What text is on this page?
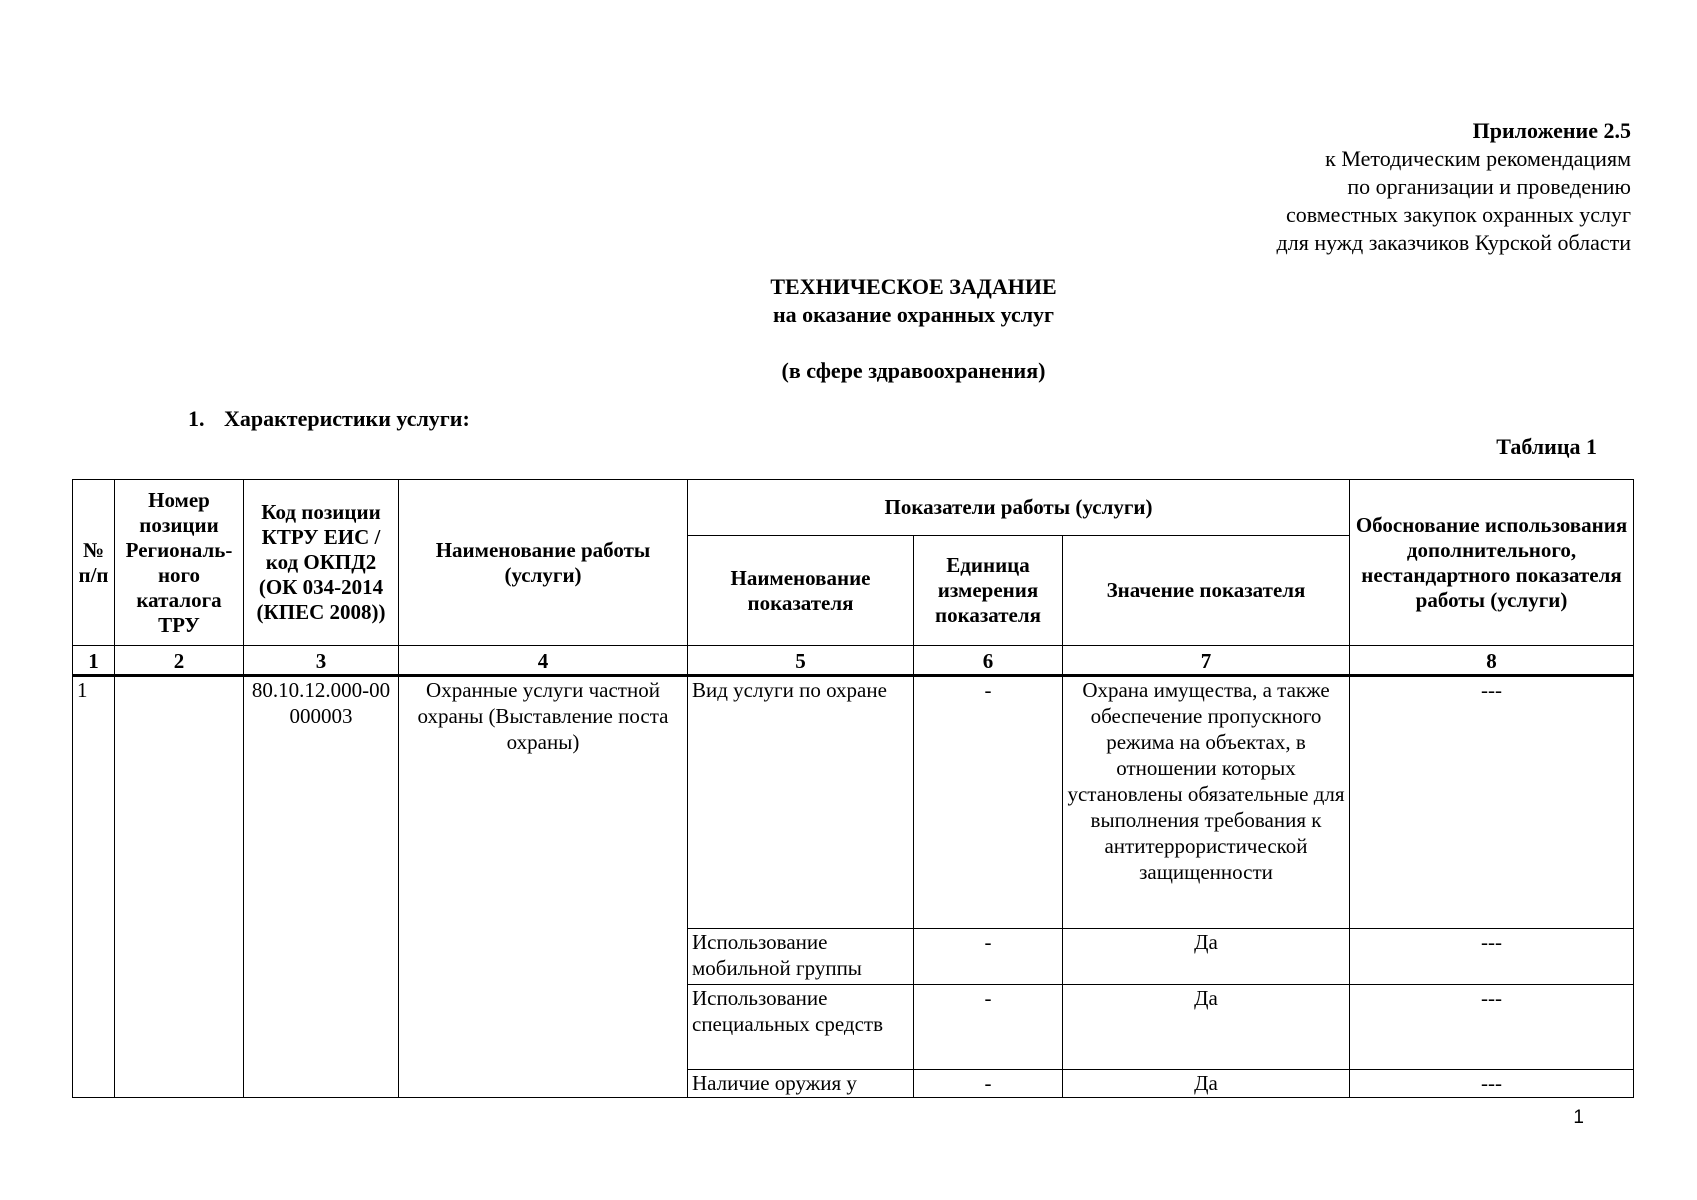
Приложение 2.5
к Методическим рекомендациям
по организации и проведению
совместных закупок охранных услуг
для нужд заказчиков Курской области
ТЕХНИЧЕСКОЕ ЗАДАНИЕ
на оказание охранных услуг
(в сфере здравоохранения)
1. Характеристики услуги:
Таблица 1
№ п/п	Номер позиции Региональ-ного каталога ТРУ	Код позиции КТРУ ЕИС / код ОКПД2 (ОК 034-2014 (КПЕС 2008))	Наименование работы (услуги)	Показатели работы (услуги)			Обоснование использования дополнительного, нестандартного показателя работы (услуги)
				Наименование показателя	Единица измерения показателя	Значение показателя	
1	2	3	4	5	6	7	8
1		80.10.12.000-00000003	Охранные услуги частной охраны (Выставление поста охраны)	Вид услуги по охране	-	Охрана имущества, а также обеспечение пропускного режима на объектах, в отношении которых установлены обязательные для выполнения требования к антитеррористической защищенности	---
				Использование мобильной группы	-	Да	---
				Использование специальных средств	-	Да	---
				Наличие оружия у	-	Да	---
1
